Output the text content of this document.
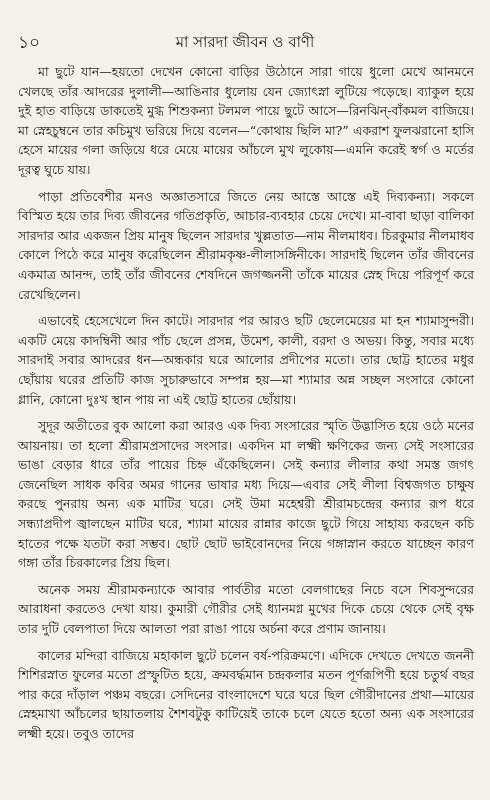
১০	মা সারদা জীবন ও বাণী

মা ছুটে যান—হয়তো দেখেন কোনো বাড়ির উঠোনে সারা গায়ে ধুলো মেখে আনমনে খেলছে তাঁর আদরের দুলালী—আঙিনার ধুলোয় যেন জ্যোৎস্না লুটিয়ে পড়েছে। ব্যাকুল হয়ে দুই হাত বাড়িয়ে ডাকতেই মুগ্ধ শিশুকন্যা টলমল পায়ে ছুটে আসে—রিনঝিন্‌-বাঁকমল বাজিয়ে। মা স্নেহচুম্বনে তার কচিমুখ ভরিয়ে দিয়ে বলেন—“কোথায় ছিলি মা?” একরাশ ফুলঝরানো হাসি হেসে মায়ের গলা জড়িয়ে ধরে মেয়ে মায়ের আঁচলে মুখ লুকোয়—এমনি করেই স্বর্গ ও মর্তের দূরত্ব ঘুচে যায়।

পাড়া প্রতিবেশীর মনও অজ্ঞাতসারে জিতে নেয় আস্তে আস্তে এই দিব্যকন্যা। সকলে বিস্মিত হয়ে তার দিব্য জীবনের গতিপ্রকৃতি, আচার-ব্যবহার চেয়ে দেখে। মা-বাবা ছাড়া বালিকা সারদার আর একজন প্রিয় মানুষ ছিলেন সারদার খুল্লতাত—নাম নীলমাধব। চিরকুমার নীলমাধব কোলে পিঠে করে মানুষ করেছিলেন শ্রীরামকৃষ্ণ-লীলাসঙ্গিনীকে। সারদাই ছিলেন তাঁর জীবনের একমাত্র আনন্দ, তাই তাঁর জীবনের শেষদিনে জগজ্জননী তাঁকে মায়ের স্নেহ দিয়ে পরিপূর্ণ করে রেখেছিলেন।

এভাবেই হেসেখেলে দিন কাটে। সারদার পর আরও ছটি ছেলেমেয়ের মা হন শ্যামাসুন্দরী। একটি মেয়ে কাদম্বিনী আর পাঁচ ছেলে প্রসন্ন, উমেশ, কালী, বরদা ও অভয়। কিন্তু, সবার মধ্যে সারদাই সবার আদরের ধন—অন্ধকার ঘরে আলোর প্রদীপের মতো। তার ছোট্ট হাতের মধুর ছোঁয়ায় ঘরের প্রতিটি কাজ সুচারুভাবে সম্পন্ন হয়—মা শ্যামার অন্ন সচ্ছল সংসারে কোনো গ্লানি, কোনো দুঃখ স্থান পায় না এই ছোট্ট হাতের ছোঁয়ায়।

সুদূর অতীতের বুক আলো করা আরও এক দিব্য সংসারের স্মৃতি উদ্ভাসিত হয়ে ওঠে মনের আয়নায়। তা হলো শ্রীরামপ্রসাদের সংসার। একদিন মা লক্ষ্মী ক্ষণিকের জন্য সেই সংসারের ভাঙা বেড়ার ধারে তাঁর পায়ের চিহ্ন এঁকেছিলেন। সেই কন্যার লীলার কথা সমস্ত জগৎ জেনেছিল সাধক কবির অমর গানের ভাষার মধ্য দিয়ে—এবার সেই লীলা বিশ্বজগত চাক্ষুষ করছে পুনরায় অন্য এক মাটির ঘরে। সেই উমা মহেশ্বরী শ্রীরামচন্দ্রের কন্যার রূপ ধরে সন্ধ্যাপ্রদীপ জ্বালছেন মাটির ঘরে, শ্যামা মায়ের রান্নার কাজে ছুটে গিয়ে সাহায্য করছেন কচি হাতের পক্ষে যতটা করা সম্ভব। ছোট ছোট ভাইবোনদের নিয়ে গঙ্গাস্নান করতে যাচ্ছেন কারণ গঙ্গা তাঁর চিরকালের প্রিয় ছিল।

অনেক সময় শ্রীরামকন্যাকে আবার পার্বতীর মতো বেলগাছের নিচে বসে শিবসুন্দরের আরাধনা করতেও দেখা যায়। কুমারী গৌরীর সেই ধ্যানমগ্ন মুখের দিকে চেয়ে থেকে সেই বৃক্ষ তার দুটি বেলপাতা দিয়ে আলতা পরা রাঙা পায়ে অর্চনা করে প্রণাম জানায়।

কালের মন্দিরা বাজিয়ে মহাকাল ছুটে চলেন বর্ষ-পরিক্রমণে। এদিকে দেখতে দেখতে জননী শিশিরস্নাত ফুলের মতো প্রস্ফুটিত হয়ে, ক্রমবর্দ্ধমান চন্দ্রকলার মতন পূর্ণরূপিণী হয়ে চতুর্থ বছর পার করে দাঁড়াল পঞ্চম বছরে। সেদিনের বাংলাদেশে ঘরে ঘরে ছিল গৌরীদানের প্রথা—মায়ের স্নেহমাখা আঁচলের ছায়াতলায় শৈশবটুকু কাটিয়েই তাকে চলে যেতে হতো অন্য এক সংসারের লক্ষ্মী হয়ে। তবুও তাদের
